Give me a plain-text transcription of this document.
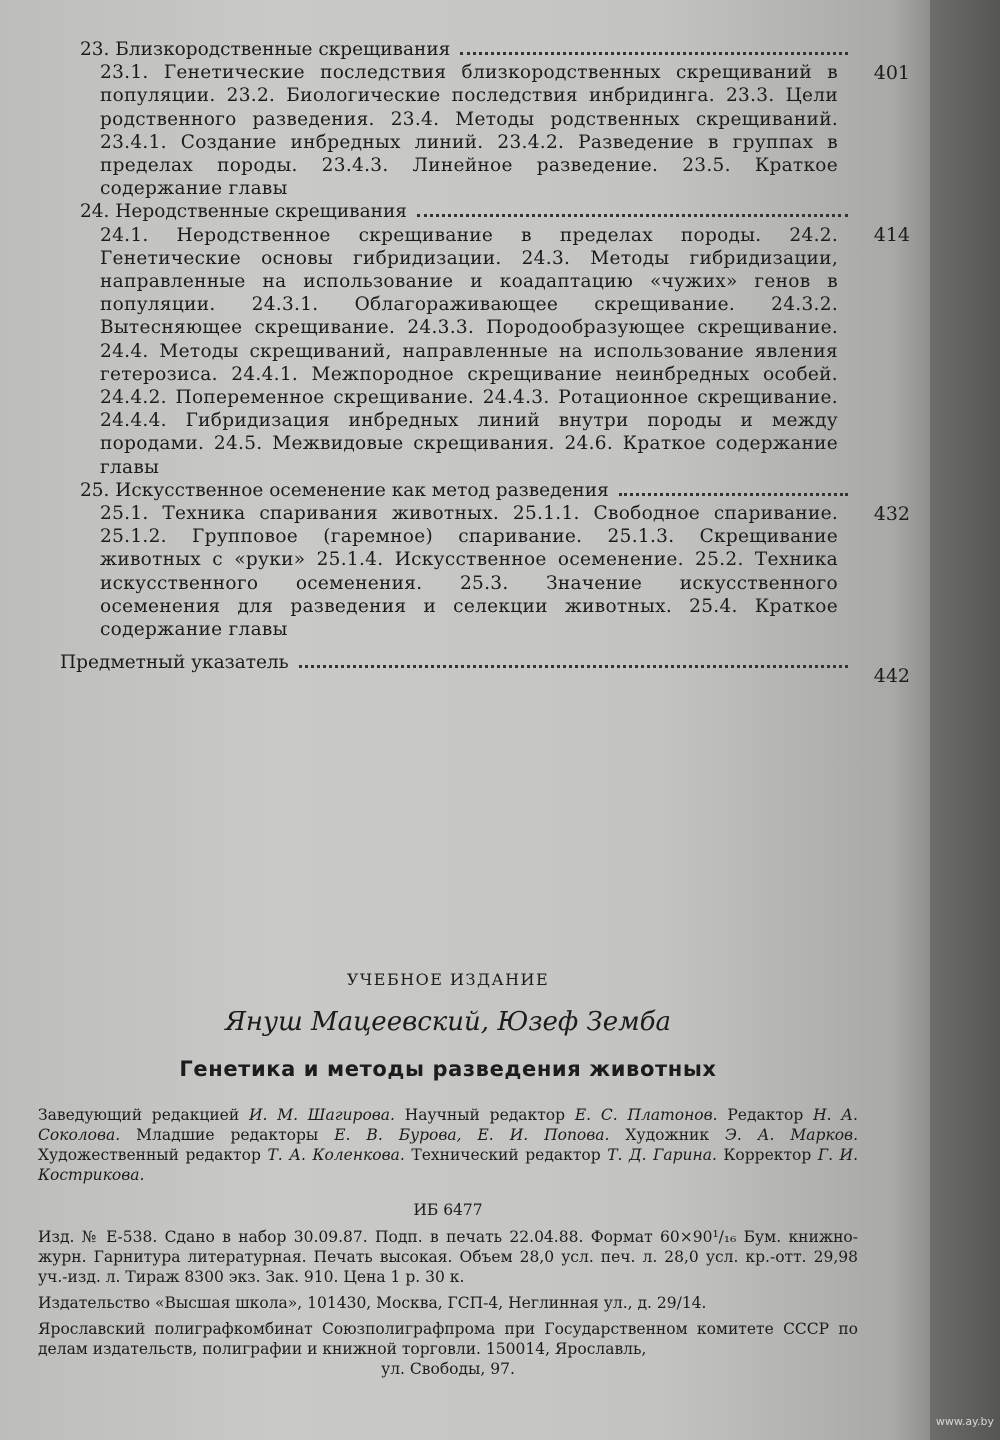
23. Близкородственные скрещивания
401
23.1. Генетические последствия близкородственных скрещиваний в популяции. 23.2. Биологические последствия инбридинга. 23.3. Цели родственного разведения. 23.4. Методы родственных скрещиваний. 23.4.1. Создание инбредных линий. 23.4.2. Разведение в группах в пределах породы. 23.4.3. Линейное разведение. 23.5. Краткое содержание главы
24. Неродственные скрещивания
414
24.1. Неродственное скрещивание в пределах породы. 24.2. Генетические основы гибридизации. 24.3. Методы гибридизации, направленные на использование и коадаптацию «чужих» генов в популяции. 24.3.1. Облагораживающее скрещивание. 24.3.2. Вытесняющее скрещивание. 24.3.3. Породообразующее скрещивание. 24.4. Методы скрещиваний, направленные на использование явления гетерозиса. 24.4.1. Межпородное скрещивание неинбредных особей. 24.4.2. Попеременное скрещивание. 24.4.3. Ротационное скрещивание. 24.4.4. Гибридизация инбредных линий внутри породы и между породами. 24.5. Межвидовые скрещивания. 24.6. Краткое содержание главы
25. Искусственное осеменение как метод разведения
432
25.1. Техника спаривания животных. 25.1.1. Свободное спаривание. 25.1.2. Групповое (гаремное) спаривание. 25.1.3. Скрещивание животных с «руки» 25.1.4. Искусственное осеменение. 25.2. Техника искусственного осеменения. 25.3. Значение искусственного осеменения для разведения и селекции животных. 25.4. Краткое содержание главы
Предметный указатель
442
УЧЕБНОЕ ИЗДАНИЕ
Януш Мацеевский, Юзеф Земба
Генетика и методы разведения животных
Заведующий редакцией И. М. Шагирова. Научный редактор Е. С. Платонов. Редактор Н. А. Соколова. Младшие редакторы Е. В. Бурова, Е. И. Попова. Художник Э. А. Марков. Художественный редактор Т. А. Коленкова. Технический редактор Т. Д. Гарина. Корректор Г. И. Кострикова.
ИБ 6477
Изд. № Е-538. Сдано в набор 30.09.87. Подп. в печать 22.04.88. Формат 60×90¹/₁₆ Бум. книжно-журн. Гарнитура литературная. Печать высокая. Объем 28,0 усл. печ. л. 28,0 усл. кр.-отт. 29,98 уч.-изд. л. Тираж 8300 экз. Зак. 910. Цена 1 р. 30 к.
Издательство «Высшая школа», 101430, Москва, ГСП-4, Неглинная ул., д. 29/14.
Ярославский полиграфкомбинат Союзполиграфпрома при Государственном комитете СССР по делам издательств, полиграфии и книжной торговли. 150014, Ярославль,
ул. Свободы, 97.
www.ay.by
